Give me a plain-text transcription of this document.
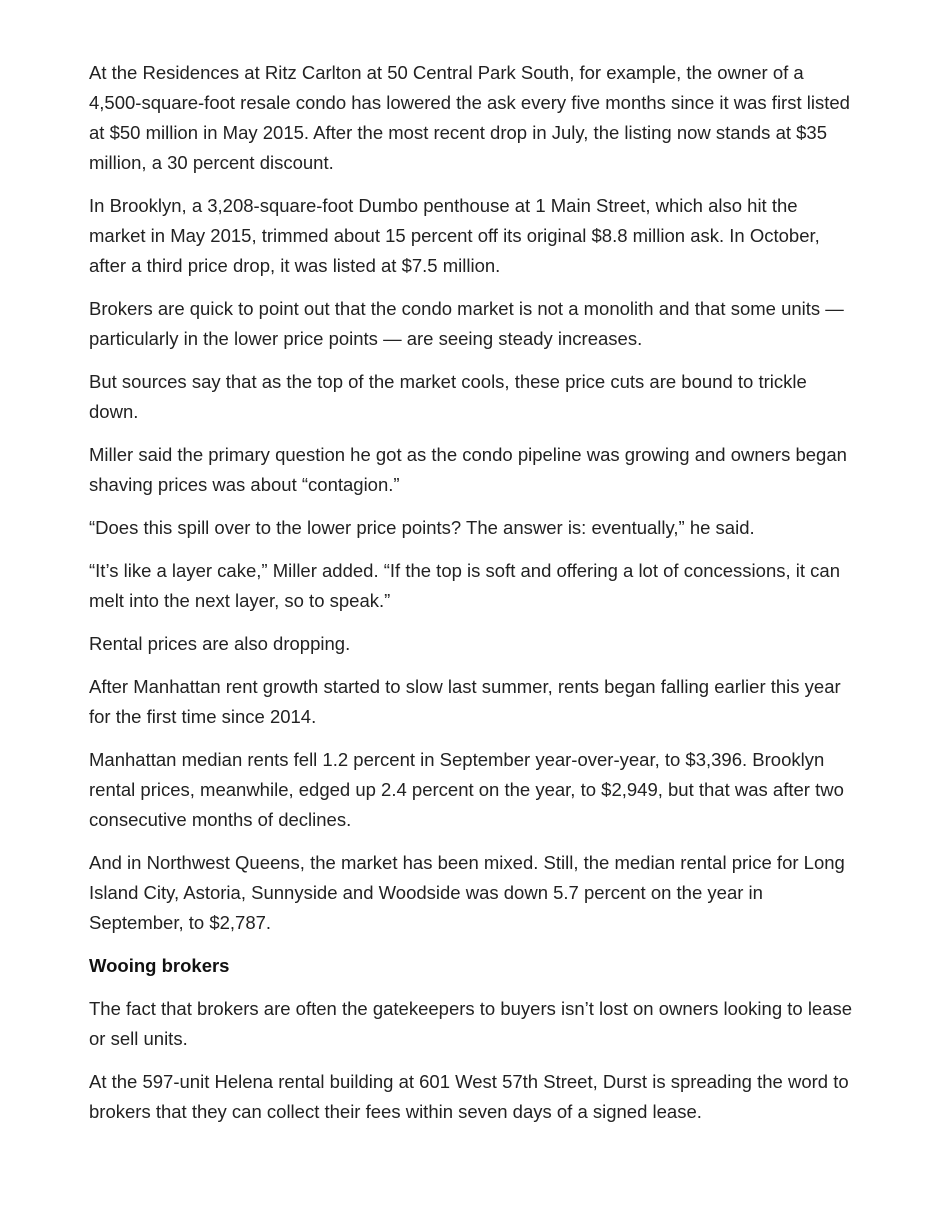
At the Residences at Ritz Carlton at 50 Central Park South, for example, the owner of a 4,500-square-foot resale condo has lowered the ask every five months since it was first listed at $50 million in May 2015. After the most recent drop in July, the listing now stands at $35 million, a 30 percent discount.

In Brooklyn, a 3,208-square-foot Dumbo penthouse at 1 Main Street, which also hit the market in May 2015, trimmed about 15 percent off its original $8.8 million ask. In October, after a third price drop, it was listed at $7.5 million.

Brokers are quick to point out that the condo market is not a monolith and that some units —particularly in the lower price points — are seeing steady increases.

But sources say that as the top of the market cools, these price cuts are bound to trickle down.

Miller said the primary question he got as the condo pipeline was growing and owners began shaving prices was about “contagion.”

“Does this spill over to the lower price points? The answer is: eventually,” he said.

“It’s like a layer cake,” Miller added. “If the top is soft and offering a lot of concessions, it can melt into the next layer, so to speak.”

Rental prices are also dropping.

After Manhattan rent growth started to slow last summer, rents began falling earlier this year for the first time since 2014.

Manhattan median rents fell 1.2 percent in September year-over-year, to $3,396. Brooklyn rental prices, meanwhile, edged up 2.4 percent on the year, to $2,949, but that was after two consecutive months of declines.

And in Northwest Queens, the market has been mixed. Still, the median rental price for Long Island City, Astoria, Sunnyside and Woodside was down 5.7 percent on the year in September, to $2,787.

Wooing brokers

The fact that brokers are often the gatekeepers to buyers isn’t lost on owners looking to lease or sell units.

At the 597-unit Helena rental building at 601 West 57th Street, Durst is spreading the word to brokers that they can collect their fees within seven days of a signed lease.
